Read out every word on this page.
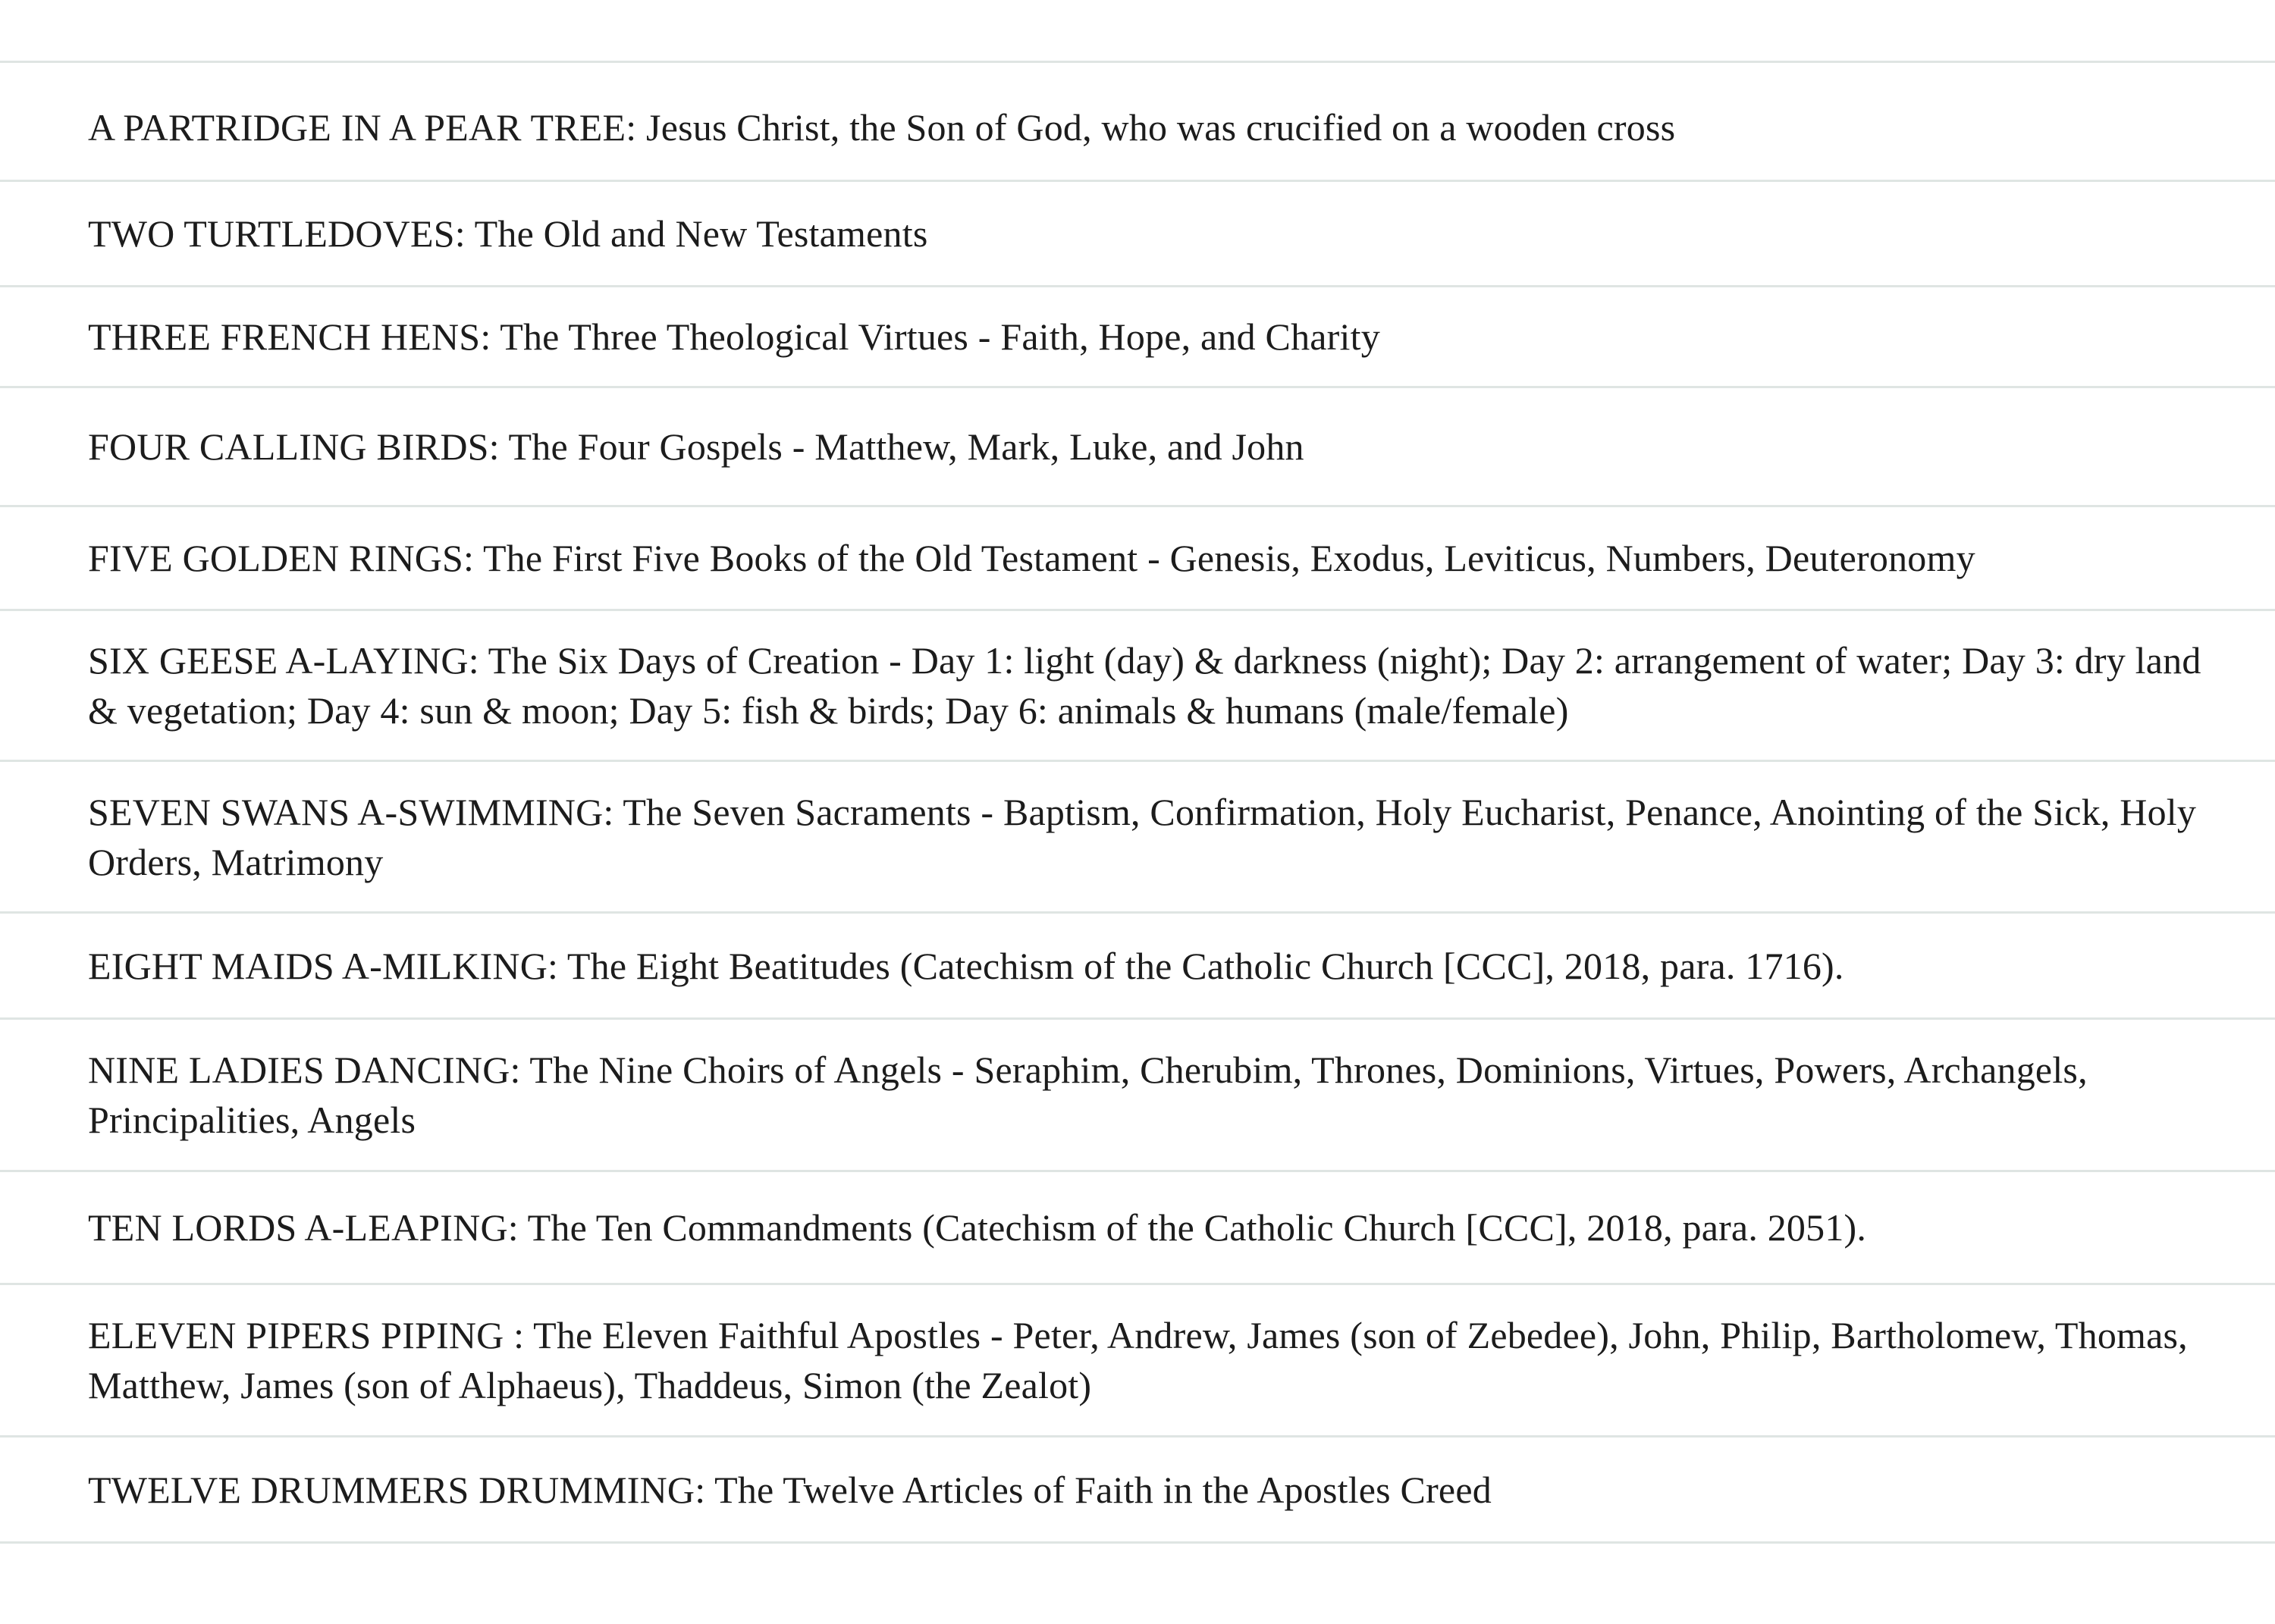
A PARTRIDGE IN A PEAR TREE: Jesus Christ, the Son of God, who was crucified on a wooden cross
TWO TURTLEDOVES: The Old and New Testaments
THREE FRENCH HENS: The Three Theological Virtues - Faith, Hope, and Charity
FOUR CALLING BIRDS: The Four Gospels - Matthew, Mark, Luke, and John
FIVE GOLDEN RINGS: The First Five Books of the Old Testament - Genesis, Exodus, Leviticus, Numbers, Deuteronomy
SIX GEESE A-LAYING: The Six Days of Creation - Day 1: light (day) & darkness (night); Day 2: arrangement of water; Day 3: dry land & vegetation; Day 4: sun & moon; Day 5: fish & birds; Day 6: animals & humans (male/female)
SEVEN SWANS A-SWIMMING: The Seven Sacraments - Baptism, Confirmation, Holy Eucharist, Penance, Anointing of the Sick, Holy Orders, Matrimony
EIGHT MAIDS A-MILKING: The Eight Beatitudes (Catechism of the Catholic Church [CCC], 2018, para. 1716).
NINE LADIES DANCING: The Nine Choirs of Angels - Seraphim, Cherubim, Thrones, Dominions, Virtues, Powers, Archangels, Principalities, Angels
TEN LORDS A-LEAPING: The Ten Commandments (Catechism of the Catholic Church [CCC], 2018, para. 2051).
ELEVEN PIPERS PIPING : The Eleven Faithful Apostles - Peter, Andrew, James (son of Zebedee), John, Philip, Bartholomew, Thomas, Matthew, James (son of Alphaeus), Thaddeus, Simon (the Zealot)
TWELVE DRUMMERS DRUMMING: The Twelve Articles of Faith in the Apostles Creed
